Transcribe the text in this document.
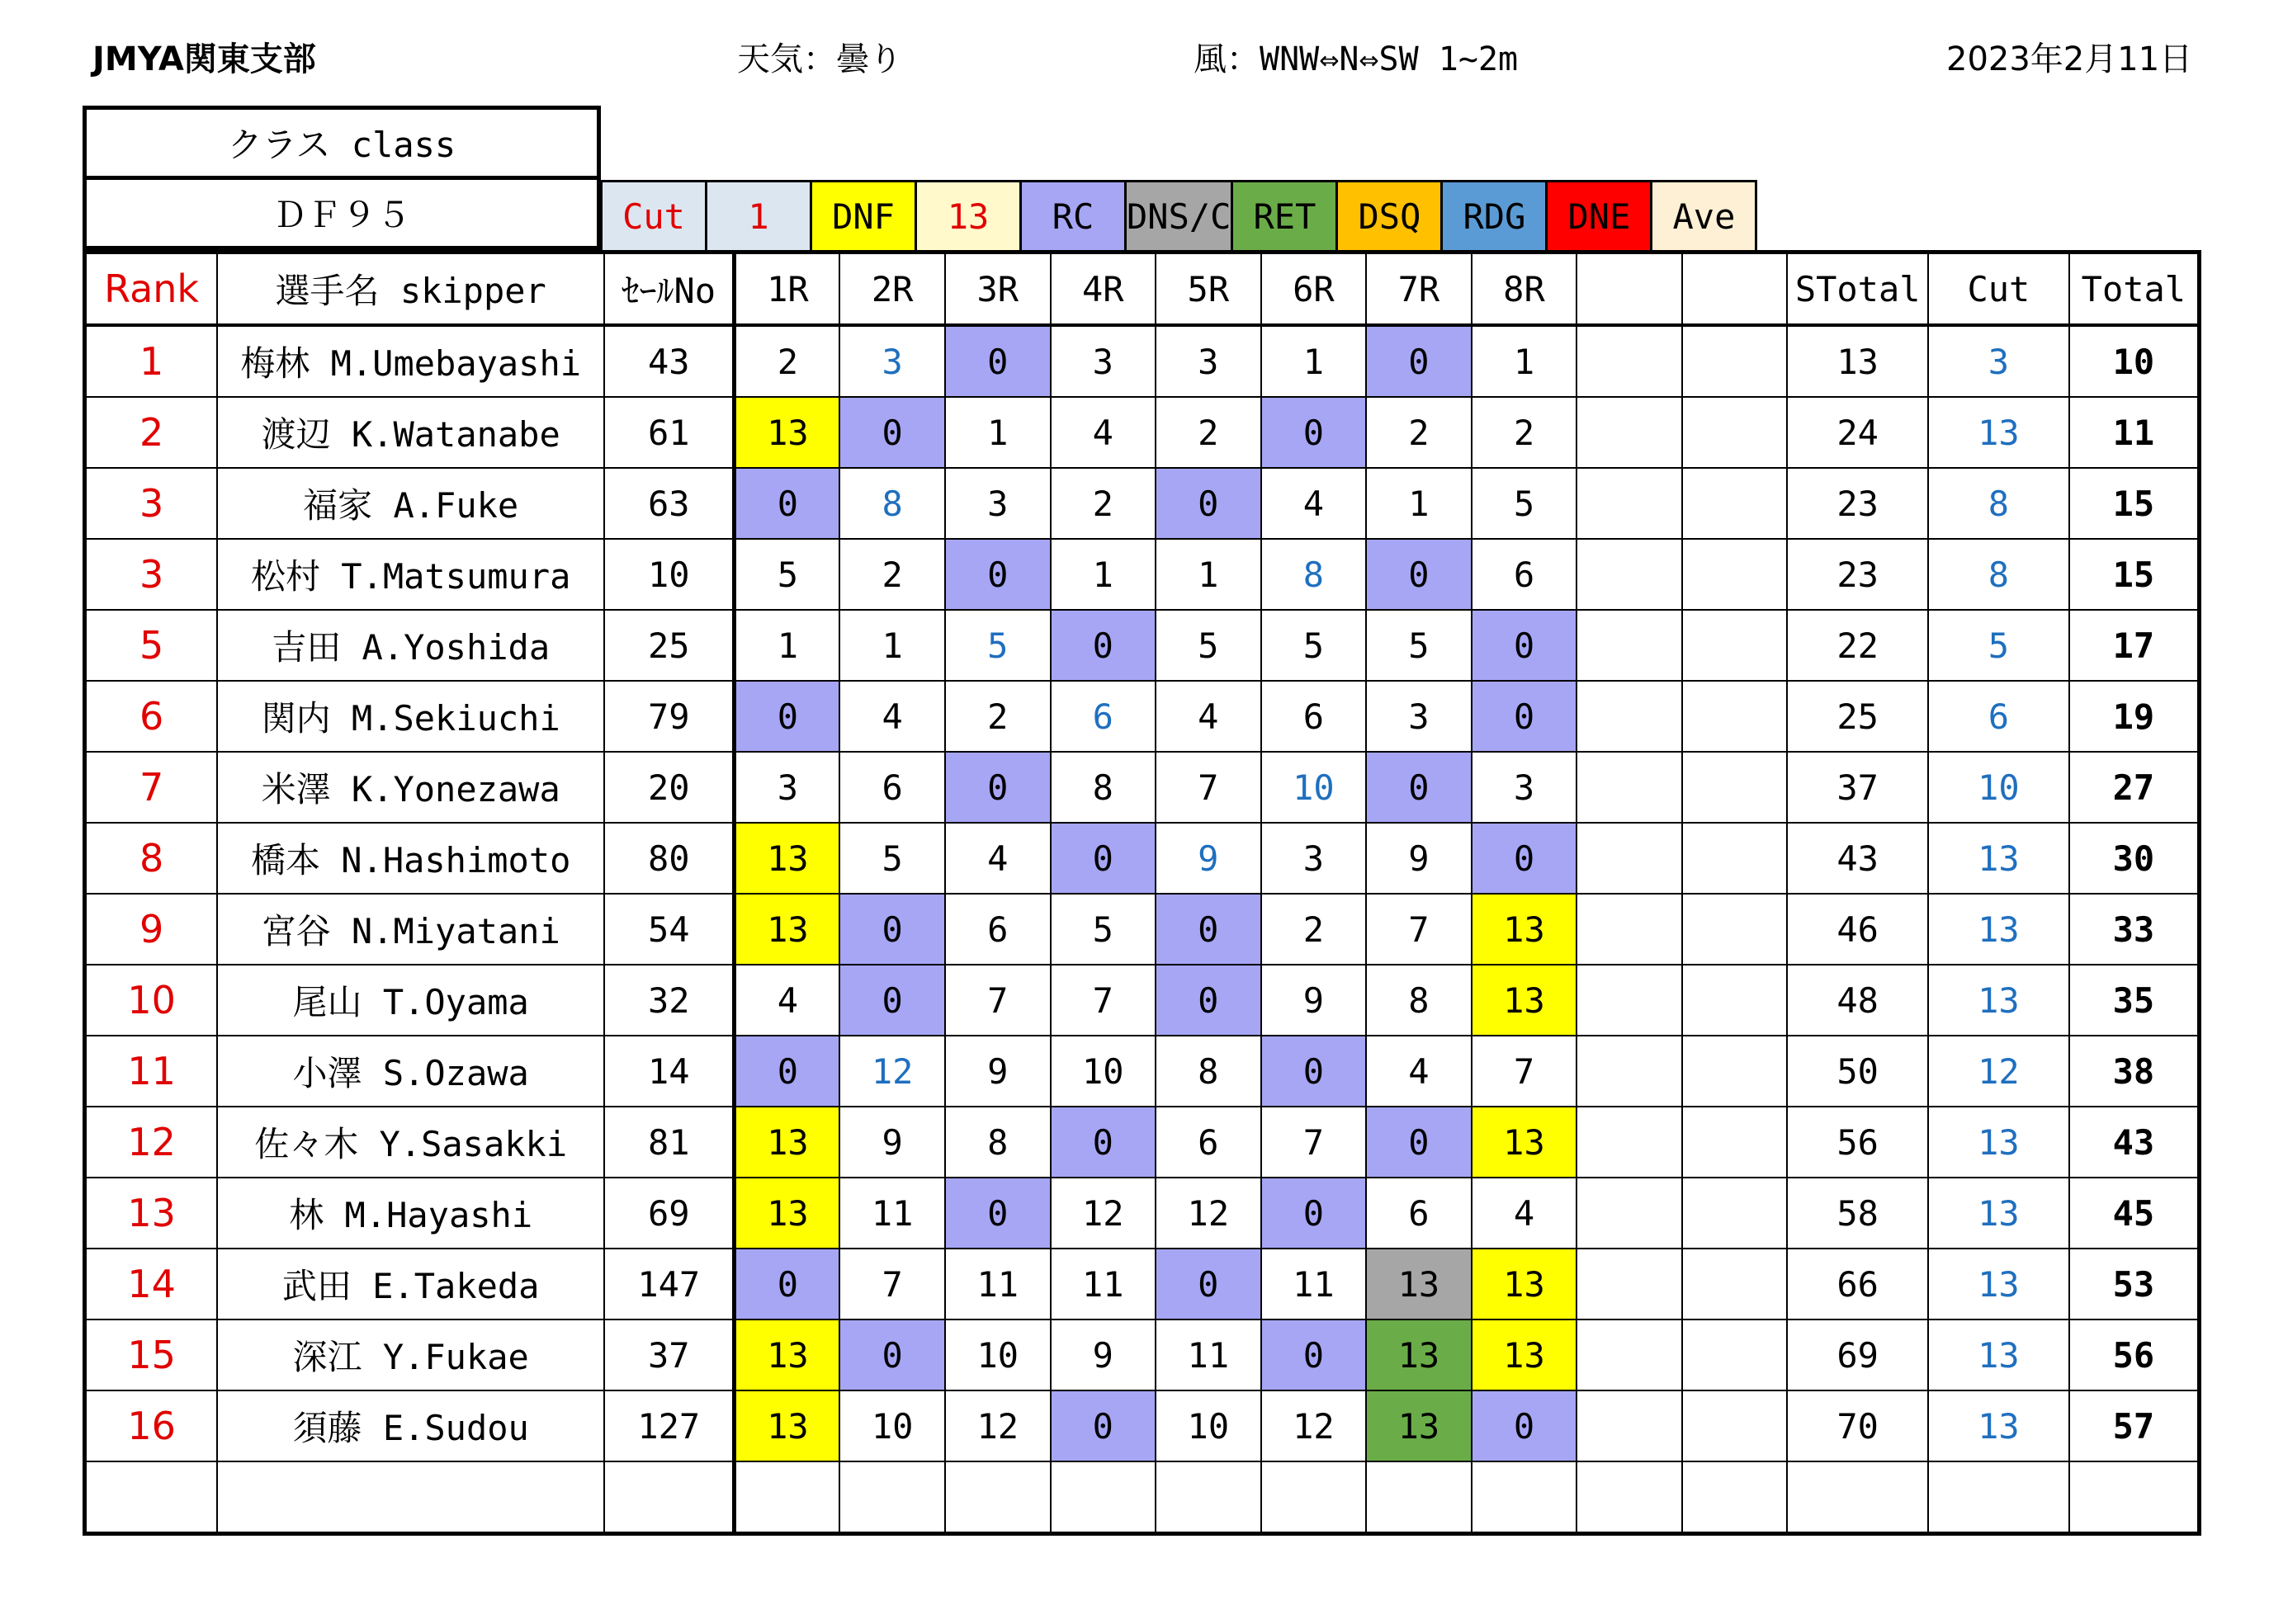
JMYA関東支部	天気：曇り	風：WNW⇔N⇔SW 1~2m	2023年2月11日
クラス class
ＤＦ９５	Cut	1	DNF	13	RC	DNS/C	RET	DSQ	RDG	DNE	Ave
Rank	選手名 skipper	ｾｰﾙNo	1R	2R	3R	4R	5R	6R	7R	8R			STotal	Cut	Total
1	梅林 M.Umebayashi	43	2	3	0	3	3	1	0	1			13	3	10
2	渡辺 K.Watanabe	61	13	0	1	4	2	0	2	2			24	13	11
3	福家 A.Fuke	63	0	8	3	2	0	4	1	5			23	8	15
3	松村 T.Matsumura	10	5	2	0	1	1	8	0	6			23	8	15
5	吉田 A.Yoshida	25	1	1	5	0	5	5	5	0			22	5	17
6	関内 M.Sekiuchi	79	0	4	2	6	4	6	3	0			25	6	19
7	米澤 K.Yonezawa	20	3	6	0	8	7	10	0	3			37	10	27
8	橋本 N.Hashimoto	80	13	5	4	0	9	3	9	0			43	13	30
9	宮谷 N.Miyatani	54	13	0	6	5	0	2	7	13			46	13	33
10	尾山 T.Oyama	32	4	0	7	7	0	9	8	13			48	13	35
11	小澤 S.Ozawa	14	0	12	9	10	8	0	4	7			50	12	38
12	佐々木 Y.Sasakki	81	13	9	8	0	6	7	0	13			56	13	43
13	林 M.Hayashi	69	13	11	0	12	12	0	6	4			58	13	45
14	武田 E.Takeda	147	0	7	11	11	0	11	13	13			66	13	53
15	深江 Y.Fukae	37	13	0	10	9	11	0	13	13			69	13	56
16	須藤 E.Sudou	127	13	10	12	0	10	12	13	0			70	13	57
